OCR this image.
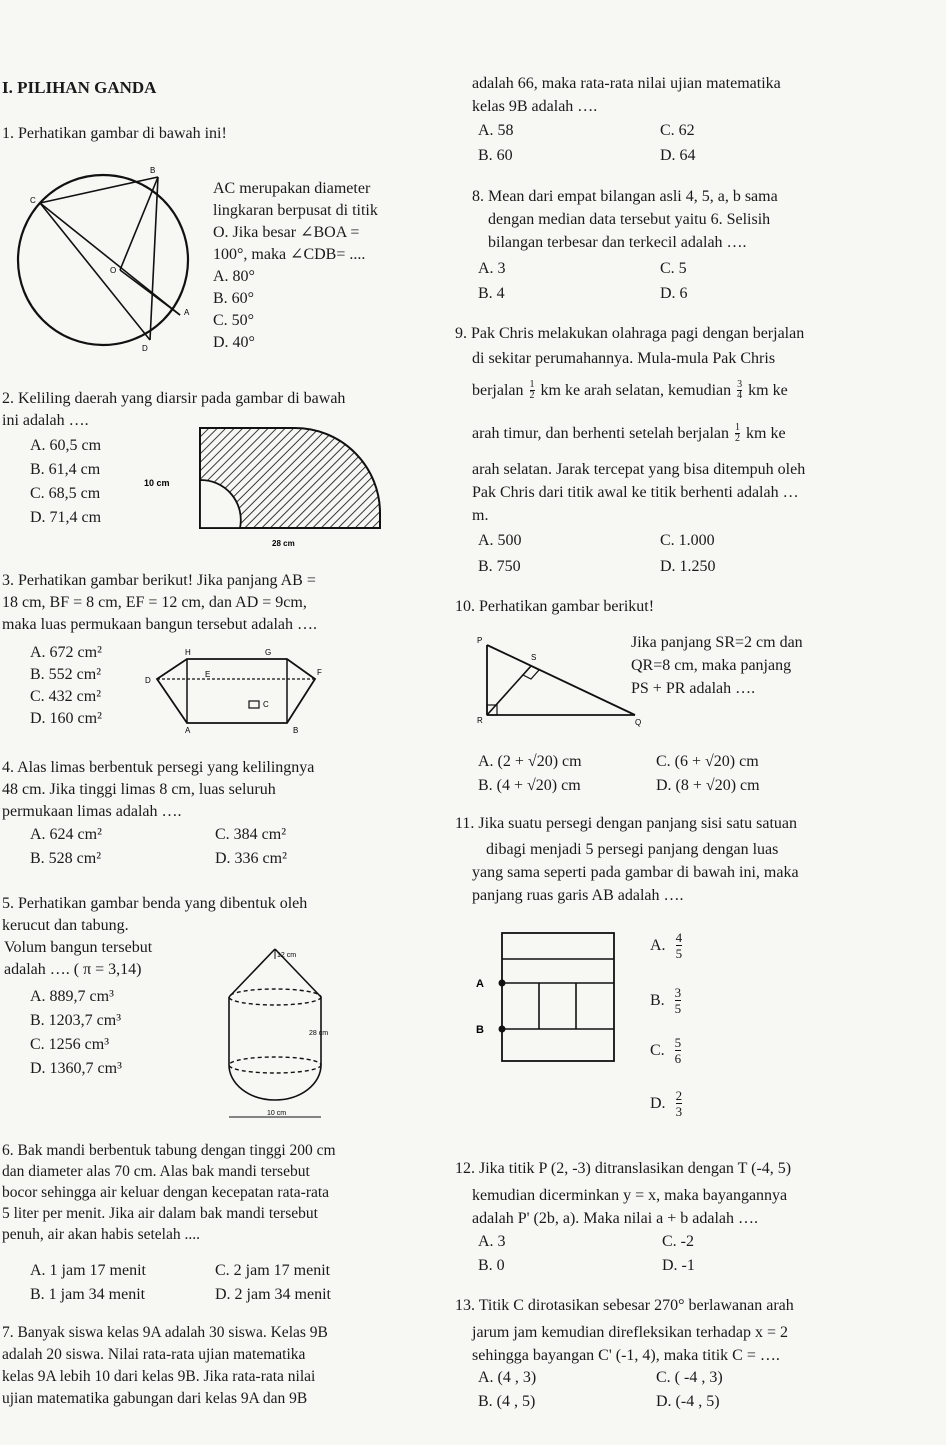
I. PILIHAN GANDA
1. Perhatikan gambar di bawah ini!
B
C
O
A
D
AC merupakan diameter
lingkaran berpusat di titik
O. Jika besar ∠BOA =
100°, maka ∠CDB= ....
A. 80°
B. 60°
C. 50°
D. 40°
2. Keliling daerah yang diarsir pada gambar di bawah
ini adalah ….
A. 60,5 cm
B. 61,4 cm
C. 68,5 cm
D. 71,4 cm
10 cm
28 cm
3. Perhatikan gambar berikut! Jika panjang AB =
18 cm, BF = 8 cm, EF = 12 cm, dan AD = 9cm,
maka luas permukaan bangun tersebut adalah ….
A. 672 cm²
B. 552 cm²
C. 432 cm²
D. 160 cm²
H	G
E	F
D
C
A	B
4. Alas limas berbentuk persegi yang kelilingnya
48 cm. Jika tinggi limas 8 cm, luas seluruh
permukaan limas adalah ….
A. 624 cm²
B. 528 cm²
C. 384 cm²
D. 336 cm²
5. Perhatikan gambar benda yang dibentuk oleh
kerucut dan tabung.
Volum bangun tersebut
adalah …. ( π = 3,14)
A. 889,7 cm³
B. 1203,7 cm³
C. 1256 cm³
D. 1360,7 cm³
12 cm
28 cm
10 cm
6. Bak mandi berbentuk tabung dengan tinggi 200 cm
dan diameter alas 70 cm. Alas bak mandi tersebut
bocor sehingga air keluar dengan kecepatan rata-rata
5 liter per menit. Jika air dalam bak mandi tersebut
penuh, air akan habis setelah ....
A. 1 jam 17 menit
B. 1 jam 34 menit
C. 2 jam 17 menit
D. 2 jam 34 menit
7. Banyak siswa kelas 9A adalah 30 siswa. Kelas 9B
adalah 20 siswa. Nilai rata-rata ujian matematika
kelas 9A lebih 10 dari kelas 9B. Jika rata-rata nilai
ujian matematika gabungan dari kelas 9A dan 9B
adalah 66, maka rata-rata nilai ujian matematika
kelas 9B adalah ….
A. 58
B. 60
C. 62
D. 64
8. Mean dari empat bilangan asli 4, 5, a, b sama
dengan median data tersebut yaitu 6. Selisih
bilangan terbesar dan terkecil adalah ….
A. 3
B. 4
C. 5
D. 6
9. Pak Chris melakukan olahraga pagi dengan berjalan
di sekitar perumahannya. Mula-mula Pak Chris
berjalan $\frac{1}{2}$ km ke arah selatan, kemudian $\frac{3}{4}$ km ke
arah timur, dan berhenti setelah berjalan $\frac{1}{2}$ km ke
arah selatan. Jarak tercepat yang bisa ditempuh oleh
Pak Chris dari titik awal ke titik berhenti adalah …
m.
A. 500
B. 750
C. 1.000
D. 1.250
10. Perhatikan gambar berikut!
P
S
R	Q
Jika panjang SR=2 cm dan
QR=8 cm, maka panjang
PS + PR adalah ….
A. (2 + √20) cm
B. (4 + √20) cm
C. (6 + √20) cm
D. (8 + √20) cm
11. Jika suatu persegi dengan panjang sisi satu satuan
dibagi menjadi 5 persegi panjang dengan luas
yang sama seperti pada gambar di bawah ini, maka
panjang ruas garis AB adalah ….
A
B
A. 4
5
B. 3
5
C. 5
6
D. 2
3
12. Jika titik P (2, -3) ditranslasikan dengan T (-4, 5)
kemudian dicerminkan y = x, maka bayangannya
adalah P' (2b, a). Maka nilai a + b adalah ….
A. 3
B. 0
C. -2
D. -1
13. Titik C dirotasikan sebesar 270° berlawanan arah
jarum jam kemudian direfleksikan terhadap x = 2
sehingga bayangan C' (-1, 4), maka titik C = ….
A. (4 , 3)
B. (4 , 5)
C. ( -4 , 3)
D. (-4 , 5)
